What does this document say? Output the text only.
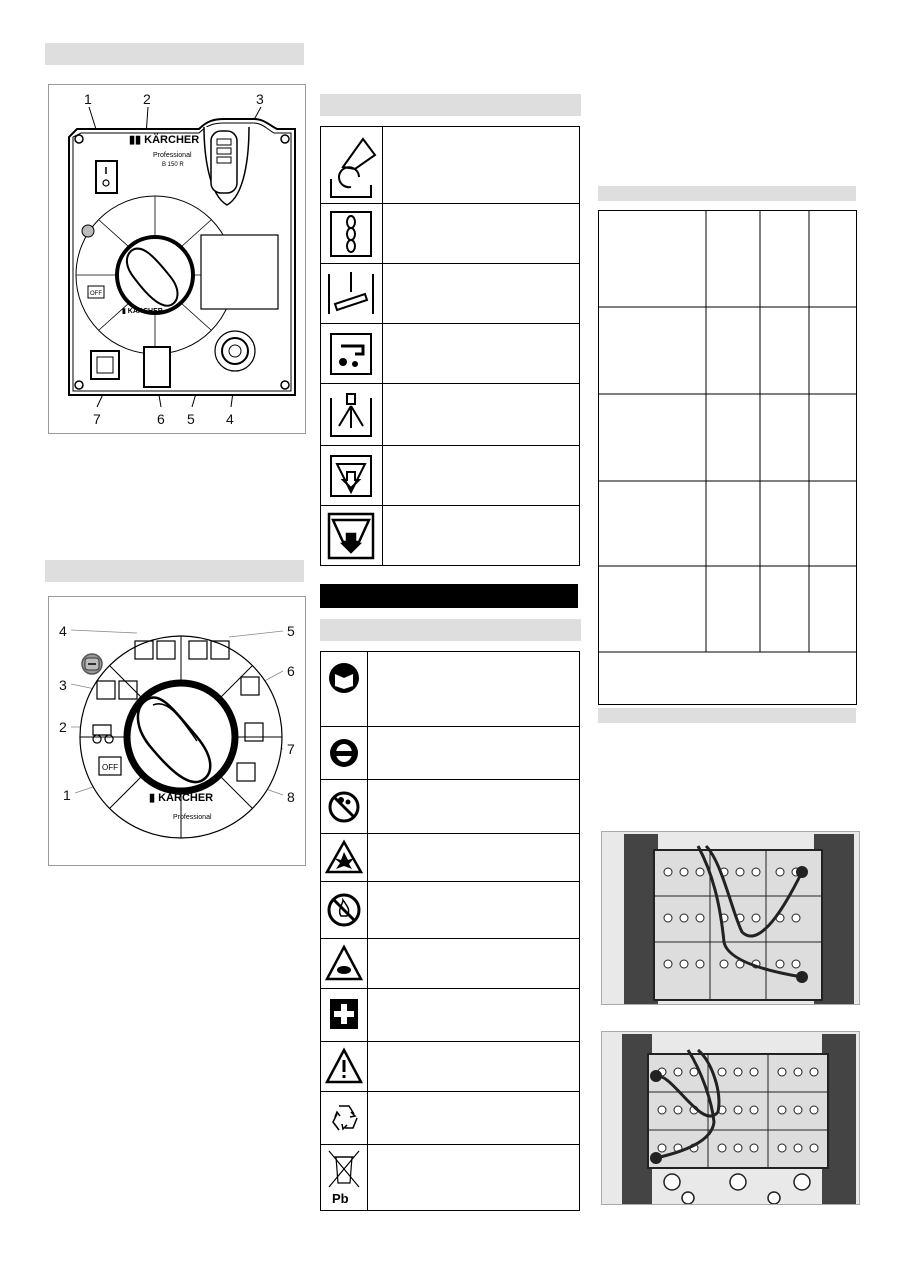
1	2	3
7	6 5 4
▮▮ KÄRCHER
Professional
B 150 R
OFF
▮ KÄRCHER
4	5
3
6
2
7
1	8
OFF
▮ KÄRCHER
Professional
Pb
